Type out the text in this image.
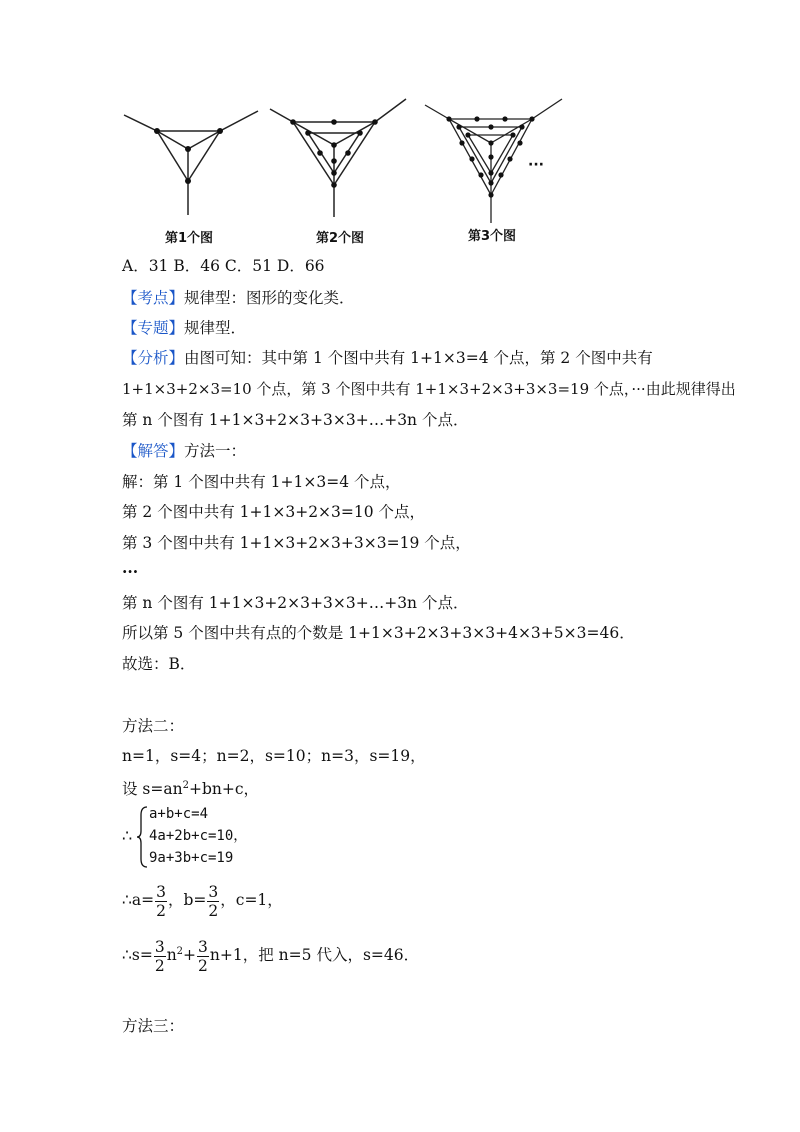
第1个图	第2个图	第3个图
···
A．31 B．46 C．51 D．66
【考点】规律型：图形的变化类．
【专题】规律型．
【分析】由图可知：其中第 1 个图中共有 1+1×3=4 个点，第 2 个图中共有
1+1×3+2×3=10 个点，第 3 个图中共有 1+1×3+2×3+3×3=19 个点，···由此规律得出
第 n 个图有 1+1×3+2×3+3×3+…+3n 个点．
【解答】方法一：
解：第 1 个图中共有 1+1×3=4 个点，
第 2 个图中共有 1+1×3+2×3=10 个点，
第 3 个图中共有 1+1×3+2×3+3×3=19 个点，
···
第 n 个图有 1+1×3+2×3+3×3+…+3n 个点．
所以第 5 个图中共有点的个数是 1+1×3+2×3+3×3+4×3+5×3=46．
故选：B．
方法二：
n=1，s=4；n=2，s=10；n=3，s=19，
设 $s=an^2+bn+c$，
∴
a+b+c=4
4a+2b+c=10，
9a+3b+c=19
∴a= $\frac{3}{2}$ ，$b= \frac{3}{2}$ ，c=1，
∴s= $\frac{3}{2} n^2+ \frac{3}{2} n+1$，把 n=5 代入，s=46．
方法三：
